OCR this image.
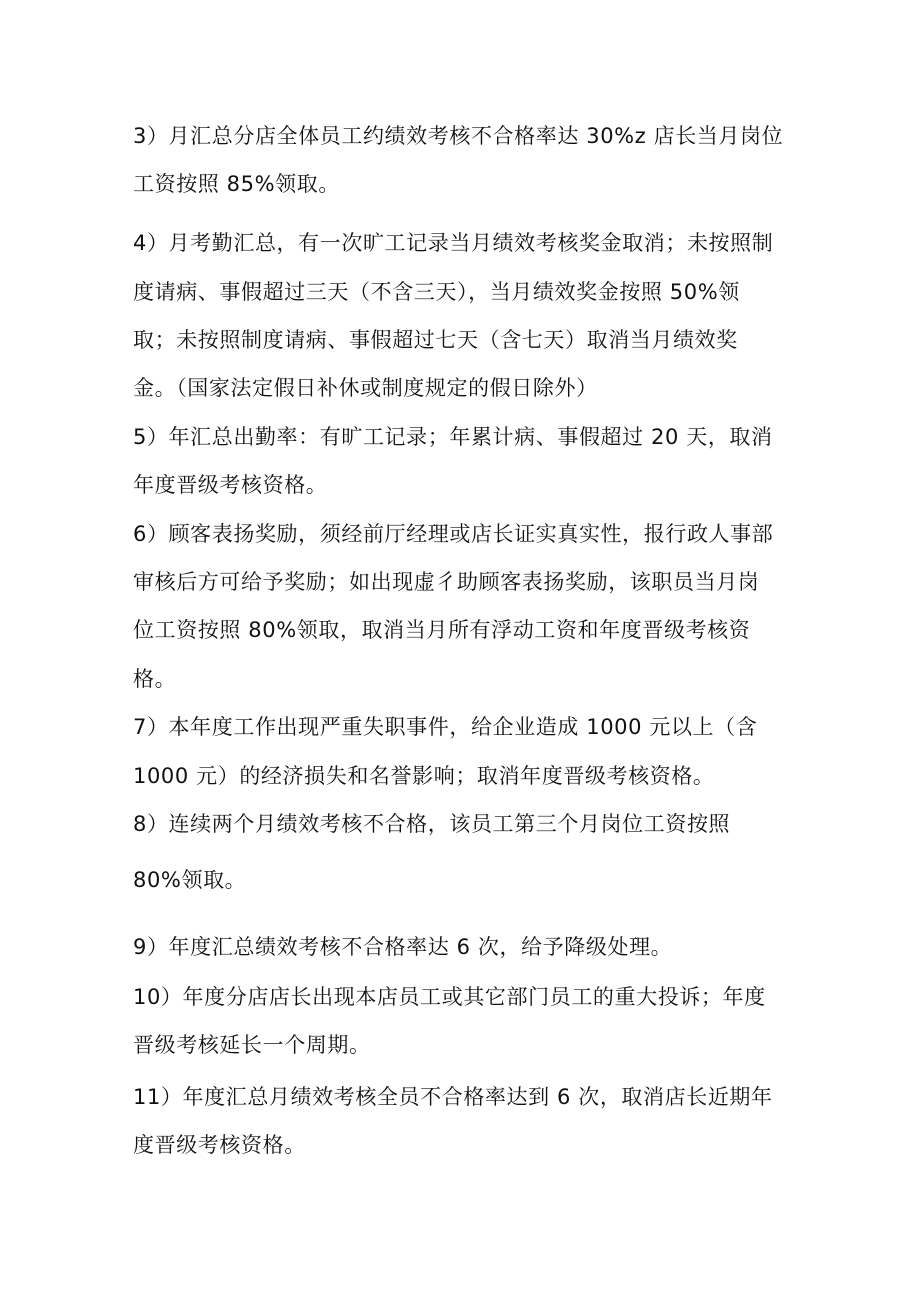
3）月汇总分店全体员工约绩效考核不合格率达 30%z 店长当月岗位
工资按照 85%领取。
4）月考勤汇总，有一次旷工记录当月绩效考核奖金取消；未按照制
度请病、事假超过三天（不含三天），当月绩效奖金按照 50%领
取；未按照制度请病、事假超过七天（含七天）取消当月绩效奖
金。（国家法定假日补休或制度规定的假日除外）
5）年汇总出勤率：有旷工记录；年累计病、事假超过 20 天，取消
年度晋级考核资格。
6）顾客表扬奖励，须经前厅经理或店长证实真实性，报行政人事部
审核后方可给予奖励；如出现虚彳助顾客表扬奖励，该职员当月岗
位工资按照 80%领取，取消当月所有浮动工资和年度晋级考核资
格。
7）本年度工作出现严重失职事件，给企业造成 1000 元以上（含
1000 元）的经济损失和名誉影响；取消年度晋级考核资格。
8）连续两个月绩效考核不合格，该员工第三个月岗位工资按照
80%领取。
9）年度汇总绩效考核不合格率达 6 次，给予降级处理。
10）年度分店店长出现本店员工或其它部门员工的重大投诉；年度
晋级考核延长一个周期。
11）年度汇总月绩效考核全员不合格率达到 6 次，取消店长近期年
度晋级考核资格。
